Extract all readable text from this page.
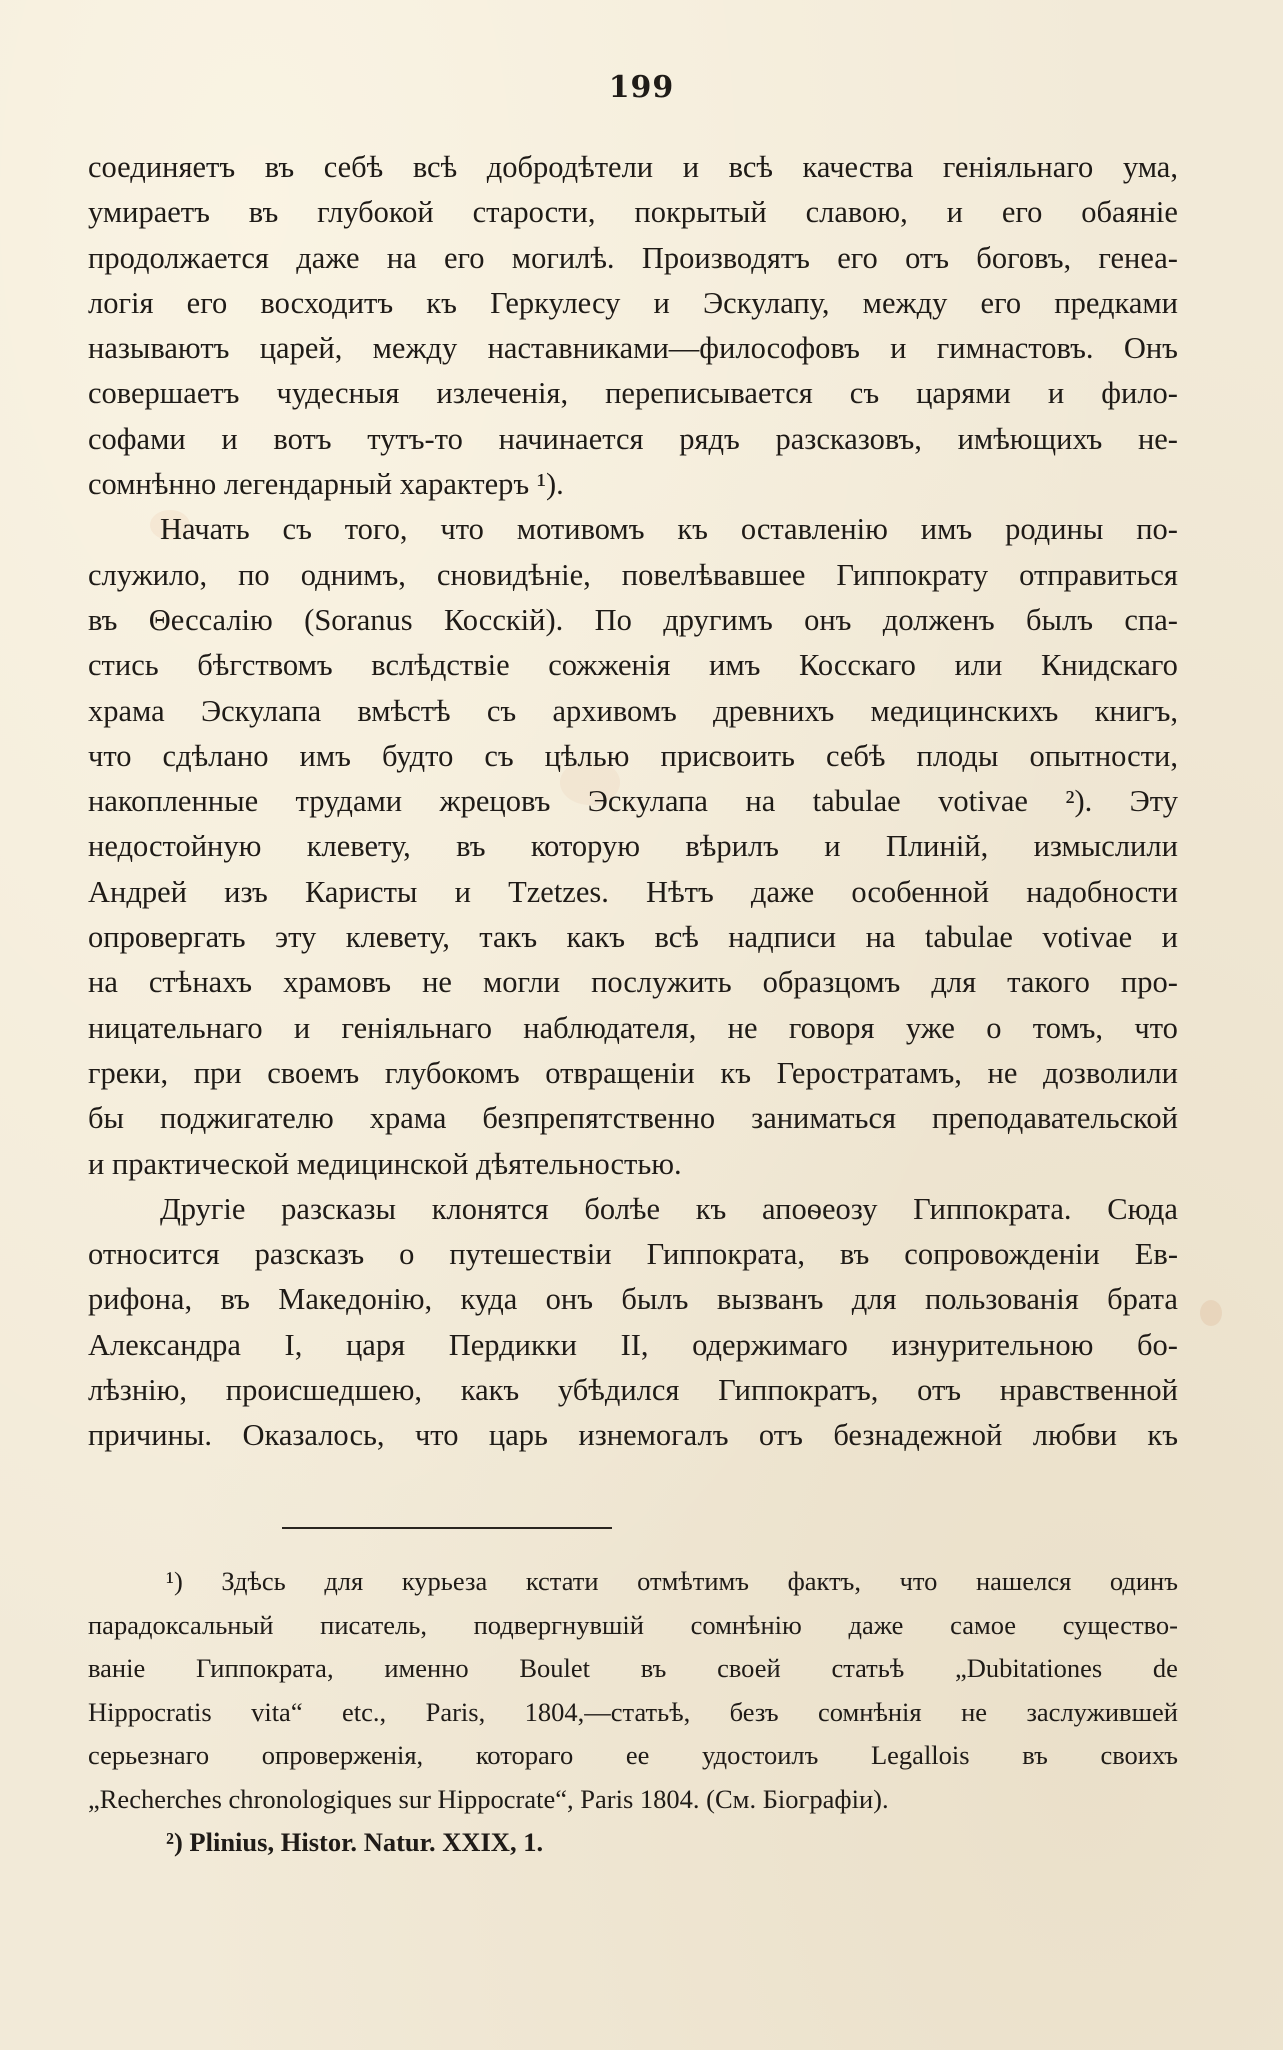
199
соединяетъ въ себѣ всѣ добродѣтели и всѣ качества геніяльнаго ума,
умираетъ въ глубокой старости, покрытый славою, и его обаяніе
продолжается даже на его могилѣ. Производятъ его отъ боговъ, генеа-
логія его восходитъ къ Геркулесу и Эскулапу, между его предками
называютъ царей, между наставниками—философовъ и гимнастовъ. Онъ
совершаетъ чудесныя излеченія, переписывается съ царями и фило-
софами и вотъ тутъ-то начинается рядъ разсказовъ, имѣющихъ не-
сомнѣнно легендарный характеръ ¹).
Начать съ того, что мотивомъ къ оставленію имъ родины по-
служило, по однимъ, сновидѣніе, повелѣвавшее Гиппократу отправиться
въ Θессалію (Soranus Косскій). По другимъ онъ долженъ былъ спа-
стись бѣгствомъ вслѣдствіе сожженія имъ Косскаго или Книдскаго
храма Эскулапа вмѣстѣ съ архивомъ древнихъ медицинскихъ книгъ,
что сдѣлано имъ будто съ цѣлью присвоить себѣ плоды опытности,
накопленные трудами жрецовъ Эскулапа на tabulae votivae ²). Эту
недостойную клевету, въ которую вѣрилъ и Плиній, измыслили
Андрей изъ Каристы и Tzetzes. Нѣтъ даже особенной надобности
опровергать эту клевету, такъ какъ всѣ надписи на tabulae votivae и
на стѣнахъ храмовъ не могли послужить образцомъ для такого про-
ницательнаго и геніяльнаго наблюдателя, не говоря уже о томъ, что
греки, при своемъ глубокомъ отвращеніи къ Геростратамъ, не дозволили
бы поджигателю храма безпрепятственно заниматься преподавательской
и практической медицинской дѣятельностью.
Другіе разсказы клонятся болѣе къ апоѳеозу Гиппократа. Сюда
относится разсказъ о путешествіи Гиппократа, въ сопровожденіи Ев-
рифона, въ Македонію, куда онъ былъ вызванъ для пользованія брата
Александра I, царя Пердикки II, одержимаго изнурительною бо-
лѣзнію, происшедшею, какъ убѣдился Гиппократъ, отъ нравственной
причины. Оказалось, что царь изнемогалъ отъ безнадежной любви къ
¹) Здѣсь для курьеза кстати отмѣтимъ фактъ, что нашелся одинъ
парадоксальный писатель, подвергнувшій сомнѣнію даже самое существо-
ваніе Гиппократа, именно Boulet въ своей статьѣ „Dubitationes de
Hippocratis vita“ etc., Paris, 1804,—статьѣ, безъ сомнѣнія не заслужившей
серьезнаго опроверженія, котораго ее удостоилъ Legallois въ своихъ
„Recherches chronologiques sur Hippocrate“, Paris 1804. (См. Біографіи).
²) Plinius, Histor. Natur. XXIX, 1.
